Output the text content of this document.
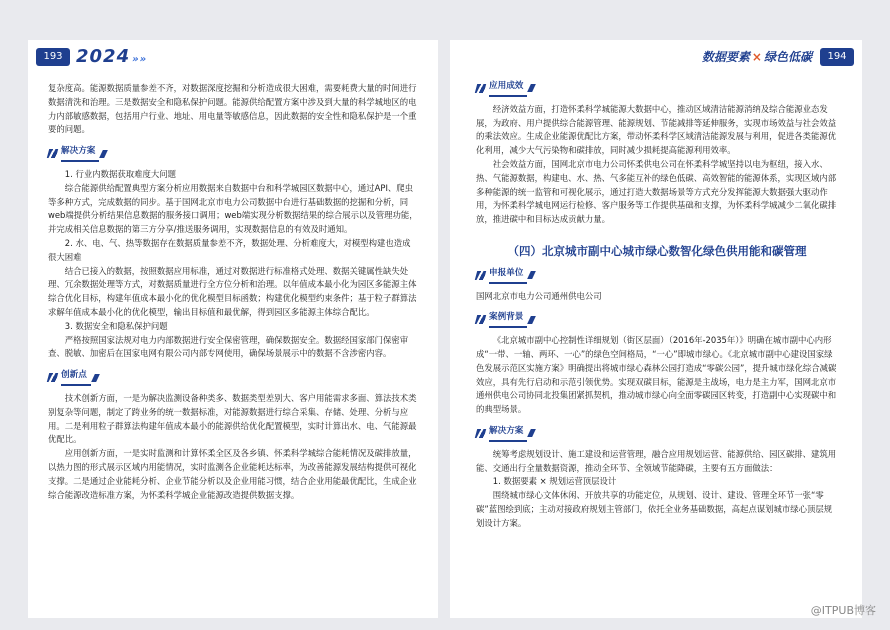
193 2024 »»

复杂度高。能源数据质量参差不齐，对数据深度挖掘和分析造成很大困难，需要耗费大量的时间进行数据清洗和治理。三是数据安全和隐私保护问题。能源供给配置方案中涉及到大量的科学城地区的电力内部敏感数据，包括用户行业、地址、用电量等敏感信息，因此数据的安全性和隐私保护是一个重要的问题。

解决方案

1. 行业内数据获取难度大问题

综合能源供给配置典型方案分析应用数据来自数据中台和科学城园区数据中心，通过API、爬虫等多种方式，完成数据的同步。基于国网北京市电力公司数据中台进行基础数据的挖掘和分析，同web端提供分析结果信息数据的服务接口调用；web端实现分析数据结果的综合展示以及管理功能，并完成相关信息数据的第三方分享/推送服务调用，实现数据信息的有效及时通知。

2. 水、电、气、热等数据存在数据质量参差不齐，数据处理、分析难度大，对模型构建也造成很大困难

结合已接入的数据，按照数据应用标准，通过对数据进行标准格式处理、数据关键属性缺失处理、冗余数据处理等方式，对数据质量进行全方位分析和治理。以年值成本最小化为园区多能源主体综合优化目标，构建年值成本最小化的优化模型目标函数；构建优化模型约束条件；基于粒子群算法求解年值成本最小化的优化模型，输出目标值和最优解，得到园区多能源主体综合配比。

3. 数据安全和隐私保护问题

严格按照国家法规对电力内部数据进行安全保密管理，确保数据安全。数据经国家部门保密审查、脱敏、加密后在国家电网有限公司内部专网使用，确保场景展示中的数据不含涉密内容。

创新点

技术创新方面，一是为解决监测设备种类多、数据类型差别大、客户用能需求多面、算法技术类别复杂等问题，制定了跨业务的统一数据标准，对能源数据进行综合采集、存储、处理、分析与应用。二是利用粒子群算法构建年值成本最小的能源供给优化配置模型，实时计算出水、电、气能源最优配比。

应用创新方面，一是实时监测和计算怀柔全区及各乡镇、怀柔科学城综合能耗情况及碳排放量，以热力图的形式展示区域内用能情况，实时监测各企业能耗达标率，为改善能源发展结构提供可视化支撑。二是通过企业能耗分析、企业节能分析以及企业用能习惯，结合企业用能最优配比，生成企业综合能源改造标准方案，为怀柔科学城企业能源改造提供数据支撑。

数据要素 × 绿色低碳	194
应用成效

经济效益方面，打造怀柔科学城能源大数据中心，推动区域清洁能源消纳及综合能源业态发展，为政府、用户提供综合能源管理、能源规划、节能减排等延伸服务，实现市场效益与社会效益的乘法效应。生成企业能源优配比方案，带动怀柔科学区域清洁能源发展与利用，促进各类能源优化利用，减少大气污染物和碳排放，同时减少损耗提高能源利用效率。

社会效益方面，国网北京市电力公司怀柔供电公司在怀柔科学城坚持以电为枢纽，接入水、热、气能源数据，构建电、水、热、气多能互补的绿色低碳、高效智能的能源体系，实现区域内部多种能源的统一监管和可视化展示，通过打造大数据场景等方式充分发挥能源大数据强大驱动作用，为怀柔科学城电网运行检修、客户服务等工作提供基础和支撑，为怀柔科学城减少二氧化碳排放，推进碳中和目标达成贡献力量。

（四）北京城市副中心城市绿心数智化绿色供用能和碳管理
申报单位

国网北京市电力公司通州供电公司

案例背景

《北京城市副中心控制性详细规划（街区层面）（2016年-2035年）》明确在城市副中心内形成“一带、一轴、两环、一心”的绿色空间格局，“一心”即城市绿心。《北京城市副中心建设国家绿色发展示范区实施方案》明确提出将城市绿心森林公园打造成“零碳公园”，提升城市绿化综合减碳效应，具有先行启动和示范引领优势。实现双碳目标，能源是主战场，电力是主力军，国网北京市通州供电公司协同北投集团紧抓契机，推动城市绿心向全面零碳园区转变，打造副中心实现碳中和的典型场景。

解决方案

统筹考虑规划设计、施工建设和运营管理，融合应用规划运营、能源供给、园区碳排、建筑用能、交通出行全量数据资源，推动全环节、全领域节能降碳，主要有五方面做法：

1. 数据要素 × 规划运营顶层设计

围绕城市绿心文体休闲、开放共享的功能定位，从规划、设计、建设、管理全环节一张“零碳”蓝图绘到底；主动对接政府规划主管部门，依托全业务基础数据，高起点谋划城市绿心顶层规划设计方案。

@ITPUB博客
